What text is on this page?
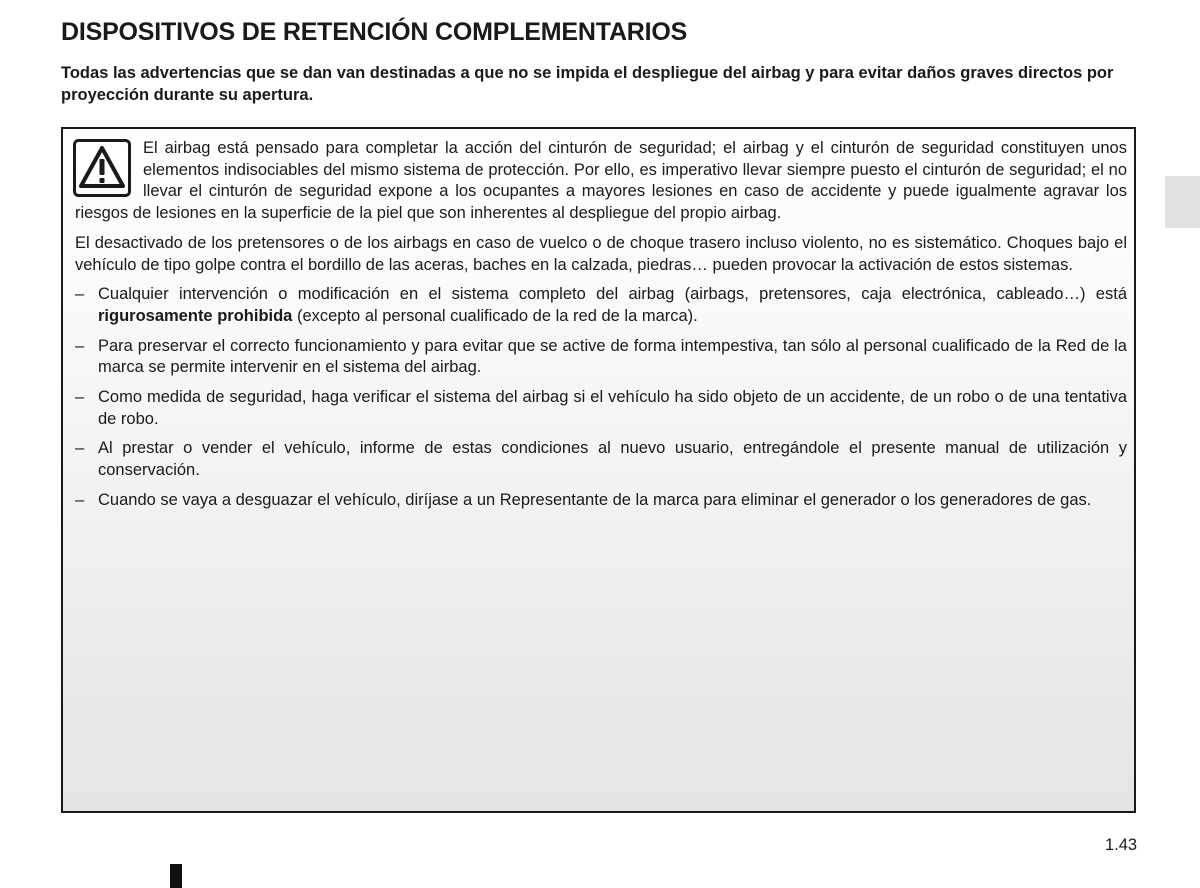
DISPOSITIVOS DE RETENCIÓN COMPLEMENTARIOS

Todas las advertencias que se dan van destinadas a que no se impida el despliegue del airbag y para evitar daños graves directos por proyección durante su apertura.

El airbag está pensado para completar la acción del cinturón de seguridad; el airbag y el cinturón de seguridad constituyen unos elementos indisociables del mismo sistema de protección. Por ello, es imperativo llevar siempre puesto el cinturón de seguridad; el no llevar el cinturón de seguridad expone a los ocupantes a mayores lesiones en caso de accidente y puede igualmente agravar los riesgos de lesiones en la superficie de la piel que son inherentes al despliegue del propio airbag.

El desactivado de los pretensores o de los airbags en caso de vuelco o de choque trasero incluso violento, no es sistemático. Choques bajo el vehículo de tipo golpe contra el bordillo de las aceras, baches en la calzada, piedras… pueden provocar la activación de estos sistemas.

– Cualquier intervención o modificación en el sistema completo del airbag (airbags, pretensores, caja electrónica, cableado…) está rigurosamente prohibida (excepto al personal cualificado de la red de la marca).
– Para preservar el correcto funcionamiento y para evitar que se active de forma intempestiva, tan sólo al personal cualificado de la Red de la marca se permite intervenir en el sistema del airbag.
– Como medida de seguridad, haga verificar el sistema del airbag si el vehículo ha sido objeto de un accidente, de un robo o de una tentativa de robo.
– Al prestar o vender el vehículo, informe de estas condiciones al nuevo usuario, entregándole el presente manual de utilización y conservación.
– Cuando se vaya a desguazar el vehículo, diríjase a un Representante de la marca para eliminar el generador o los generadores de gas.
1.43
